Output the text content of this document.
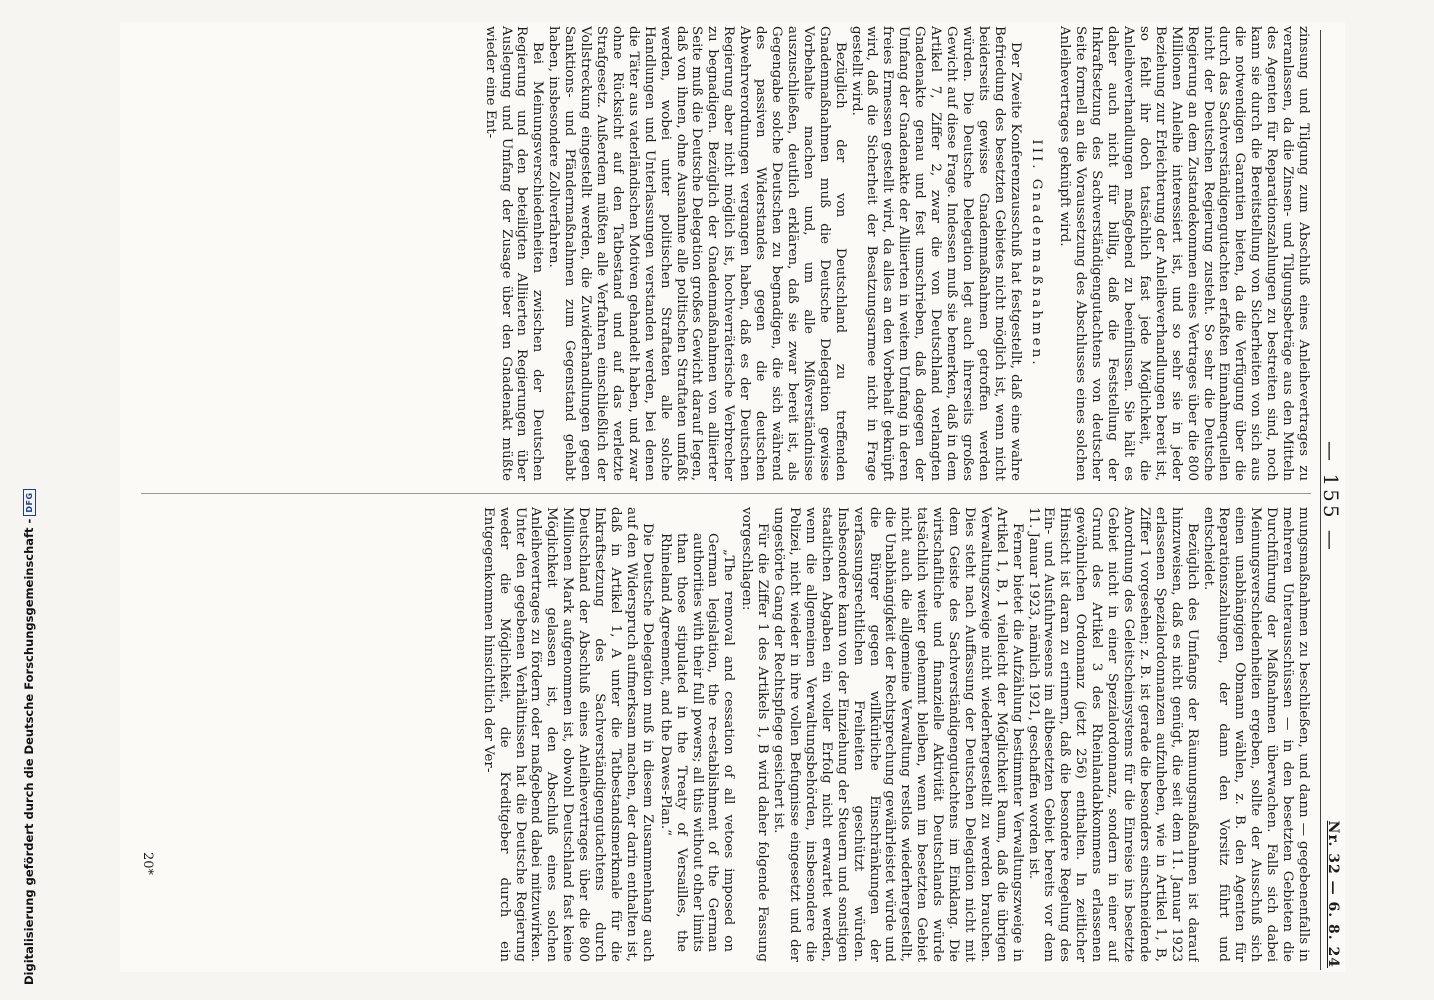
— 155 —
Nr. 32 — 6. 8. 24

zinsung und Tilgung zum Abschluß eines Anleihevertrages zu veranlassen, da die Zinsen- und Tilgungsbeträge aus den Mitteln des Agenten für Reparationszahlungen zu bestreiten sind, noch kann sie durch die Bereitstellung von Sicherheiten von sich aus die notwendigen Garantien bieten, da die Verfügung über die durch das Sachverständigengutachten erfaßten Einnahmequellen nicht der Deutschen Regierung zusteht. So sehr die Deutsche Regierung an dem Zustandekommen eines Vertrages über die 800 Millionen Anleihe interessiert ist, und so sehr sie in jeder Beziehung zur Erleichterung der Anleiheverhandlungen bereit ist, so fehlt ihr doch tatsächlich fast jede Möglichkeit, die Anleiheverhandlungen maßgebend zu beeinflussen. Sie hält es daher auch nicht für billig, daß die Feststellung der Inkraftsetzung des Sachverständigengutachtens von deutscher Seite formell an die Voraussetzung des Abschlusses eines solchen Anleihevertrages geknüpft wird.

III. Gnadenmaßnahmen.

Der Zweite Konferenzausschuß hat festgestellt, daß eine wahre Befriedung des besetzten Gebietes nicht möglich ist, wenn nicht beiderseits gewisse Gnadenmaßnahmen getroffen werden würden. Die Deutsche Delegation legt auch ihrerseits großes Gewicht auf diese Frage. Indessen muß sie bemerken, daß in dem Artikel 7, Ziffer 2, zwar die von Deutschland verlangten Gnadenakte genau und fest umschrieben, daß dagegen der Umfang der Gnadenakte der Alliierten in weitem Umfang in deren freies Ermessen gestellt wird, da alles an den Vorbehalt geknüpft wird, daß die Sicherheit der Besatzungsarmee nicht in Frage gestellt wird.

Bezüglich der von Deutschland zu treffenden Gnadenmaßnahmen muß die Deutsche Delegation gewisse Vorbehalte machen und, um alle Mißverständnisse auszuschließen, deutlich erklären, daß sie zwar bereit ist, als Gegengabe solche Deutschen zu begnadigen, die sich während des passiven Widerstandes gegen die deutschen Abwehrverordnungen vergangen haben, daß es der Deutschen Regierung aber nicht möglich ist, hochverräterische Verbrecher zu begnadigen. Bezüglich der Gnadenmaßnahmen von alliierter Seite muß die Deutsche Delegation großes Gewicht darauf legen, daß von ihnen, ohne Ausnahme alle politischen Straftaten umfaßt werden, wobei unter politischen Straftaten alle solche Handlungen und Unterlassungen verstanden werden, bei denen die Täter aus vaterländischen Motiven gehandelt haben, und zwar ohne Rücksicht auf den Tatbestand und auf das verletzte Strafgesetz. Außerdem müßten alle Verfahren einschließlich der Vollstreckung eingestellt werden, die Zuwiderhandlungen gegen Sanktions- und Pfändermaßnahmen zum Gegenstand gehabt haben, insbesondere Zollverfahren.

Bei Meinungsverschiedenheiten zwischen der Deutschen Regierung und den beteiligten Alliierten Regierungen über Auslegung und Umfang der Zusage über den Gnadenakt müßte wieder eine Ent-

mungsmaßnahmen zu beschließen, und dann — gegebenenfalls in mehreren Unterausschüssen — in den besetzten Gebieten die Durchführung der Maßnahmen überwachen. Falls sich dabei Meinungsverschiedenheiten ergeben, sollte der Ausschuß sich einen unabhängigen Obmann wählen, z. B. den Agenten für Reparationszahlungen, der dann den Vorsitz führt und entscheidet.

Bezüglich des Umfangs der Räumungsmaßnahmen ist darauf hinzuweisen, daß es nicht genügt, die seit dem 11. Januar 1923 erlassenen Spezialordonnanzen aufzuheben, wie in Artikel 1, B, Ziffer 1 vorgesehen; z. B. ist gerade die besonders einschneidende Anordnung des Geleitscheinsystems für die Einreise ins besetzte Gebiet nicht in einer Spezialordonnanz, sondern in einer auf Grund des Artikel 3 des Rheinlandabkommens erlassenen gewöhnlichen Ordonnanz (jetzt 256) enthalten. In zeitlicher Hinsicht ist daran zu erinnern, daß die besondere Regelung des Ein- und Ausfuhrwesens im altbesetzten Gebiet bereits vor dem 11. Januar 1923, nämlich 1921, geschaffen worden ist.

Ferner bietet die Aufzählung bestimmter Verwaltungszweige in Artikel 1, B, 1 vielleicht der Möglichkeit Raum, daß die übrigen Verwaltungszweige nicht wiederhergestellt zu werden brauchen. Dies steht nach Auffassung der Deutschen Delegation nicht mit dem Geiste des Sachverständigengutachtens im Einklang. Die wirtschaftliche und finanzielle Aktivität Deutschlands würde tatsächlich weiter gehemmt bleiben, wenn im besetzten Gebiet nicht auch die allgemeine Verwaltung restlos wiederhergestellt, die Unabhängigkeit der Rechtsprechung gewährleistet würde und die Bürger gegen willkürliche Einschränkungen der verfassungsrechtlichen Freiheiten geschützt würden. Insbesondere kann von der Einziehung der Steuern und sonstigen staatlichen Abgaben ein voller Erfolg nicht erwartet werden, wenn die allgemeinen Verwaltungsbehörden, insbesondere die Polizei, nicht wieder in ihre vollen Befugnisse eingesetzt und der ungestörte Gang der Rechtspflege gesichert ist.

Für die Ziffer 1 des Artikels 1, B wird daher folgende Fassung vorgeschlagen:

„The removal and cessation of all vetoes imposed on German legislation, the re-establishment of the German authorities with their full powers; all this without other limits than those stipulated in the Treaty of Versailles, the Rhineland Agreement, and the Dawes-Plan.“

Die Deutsche Delegation muß in diesem Zusammenhang auch auf den Widerspruch aufmerksam machen, der darin enthalten ist, daß in Artikel 1, A unter die Tatbestandsmerkmale für die Inkraftsetzung des Sachverständigengutachtens durch Deutschland der Abschluß eines Anleihevertrages über die 800 Millionen Mark aufgenommen ist, obwohl Deutschland fast keine Möglichkeit gelassen ist, den Abschluß eines solchen Anleihevertrages zu fördern oder maßgebend dabei mitzuwirken. Unter den gegebenen Verhältnissen hat die Deutsche Regierung weder die Möglichkeit, die Kreditgeber durch ein Entgegenkommen hinsichtlich der Ver-

20*
Digitalisierung gefördert durch die Deutsche Forschungsgemeinschaft -
DFG
